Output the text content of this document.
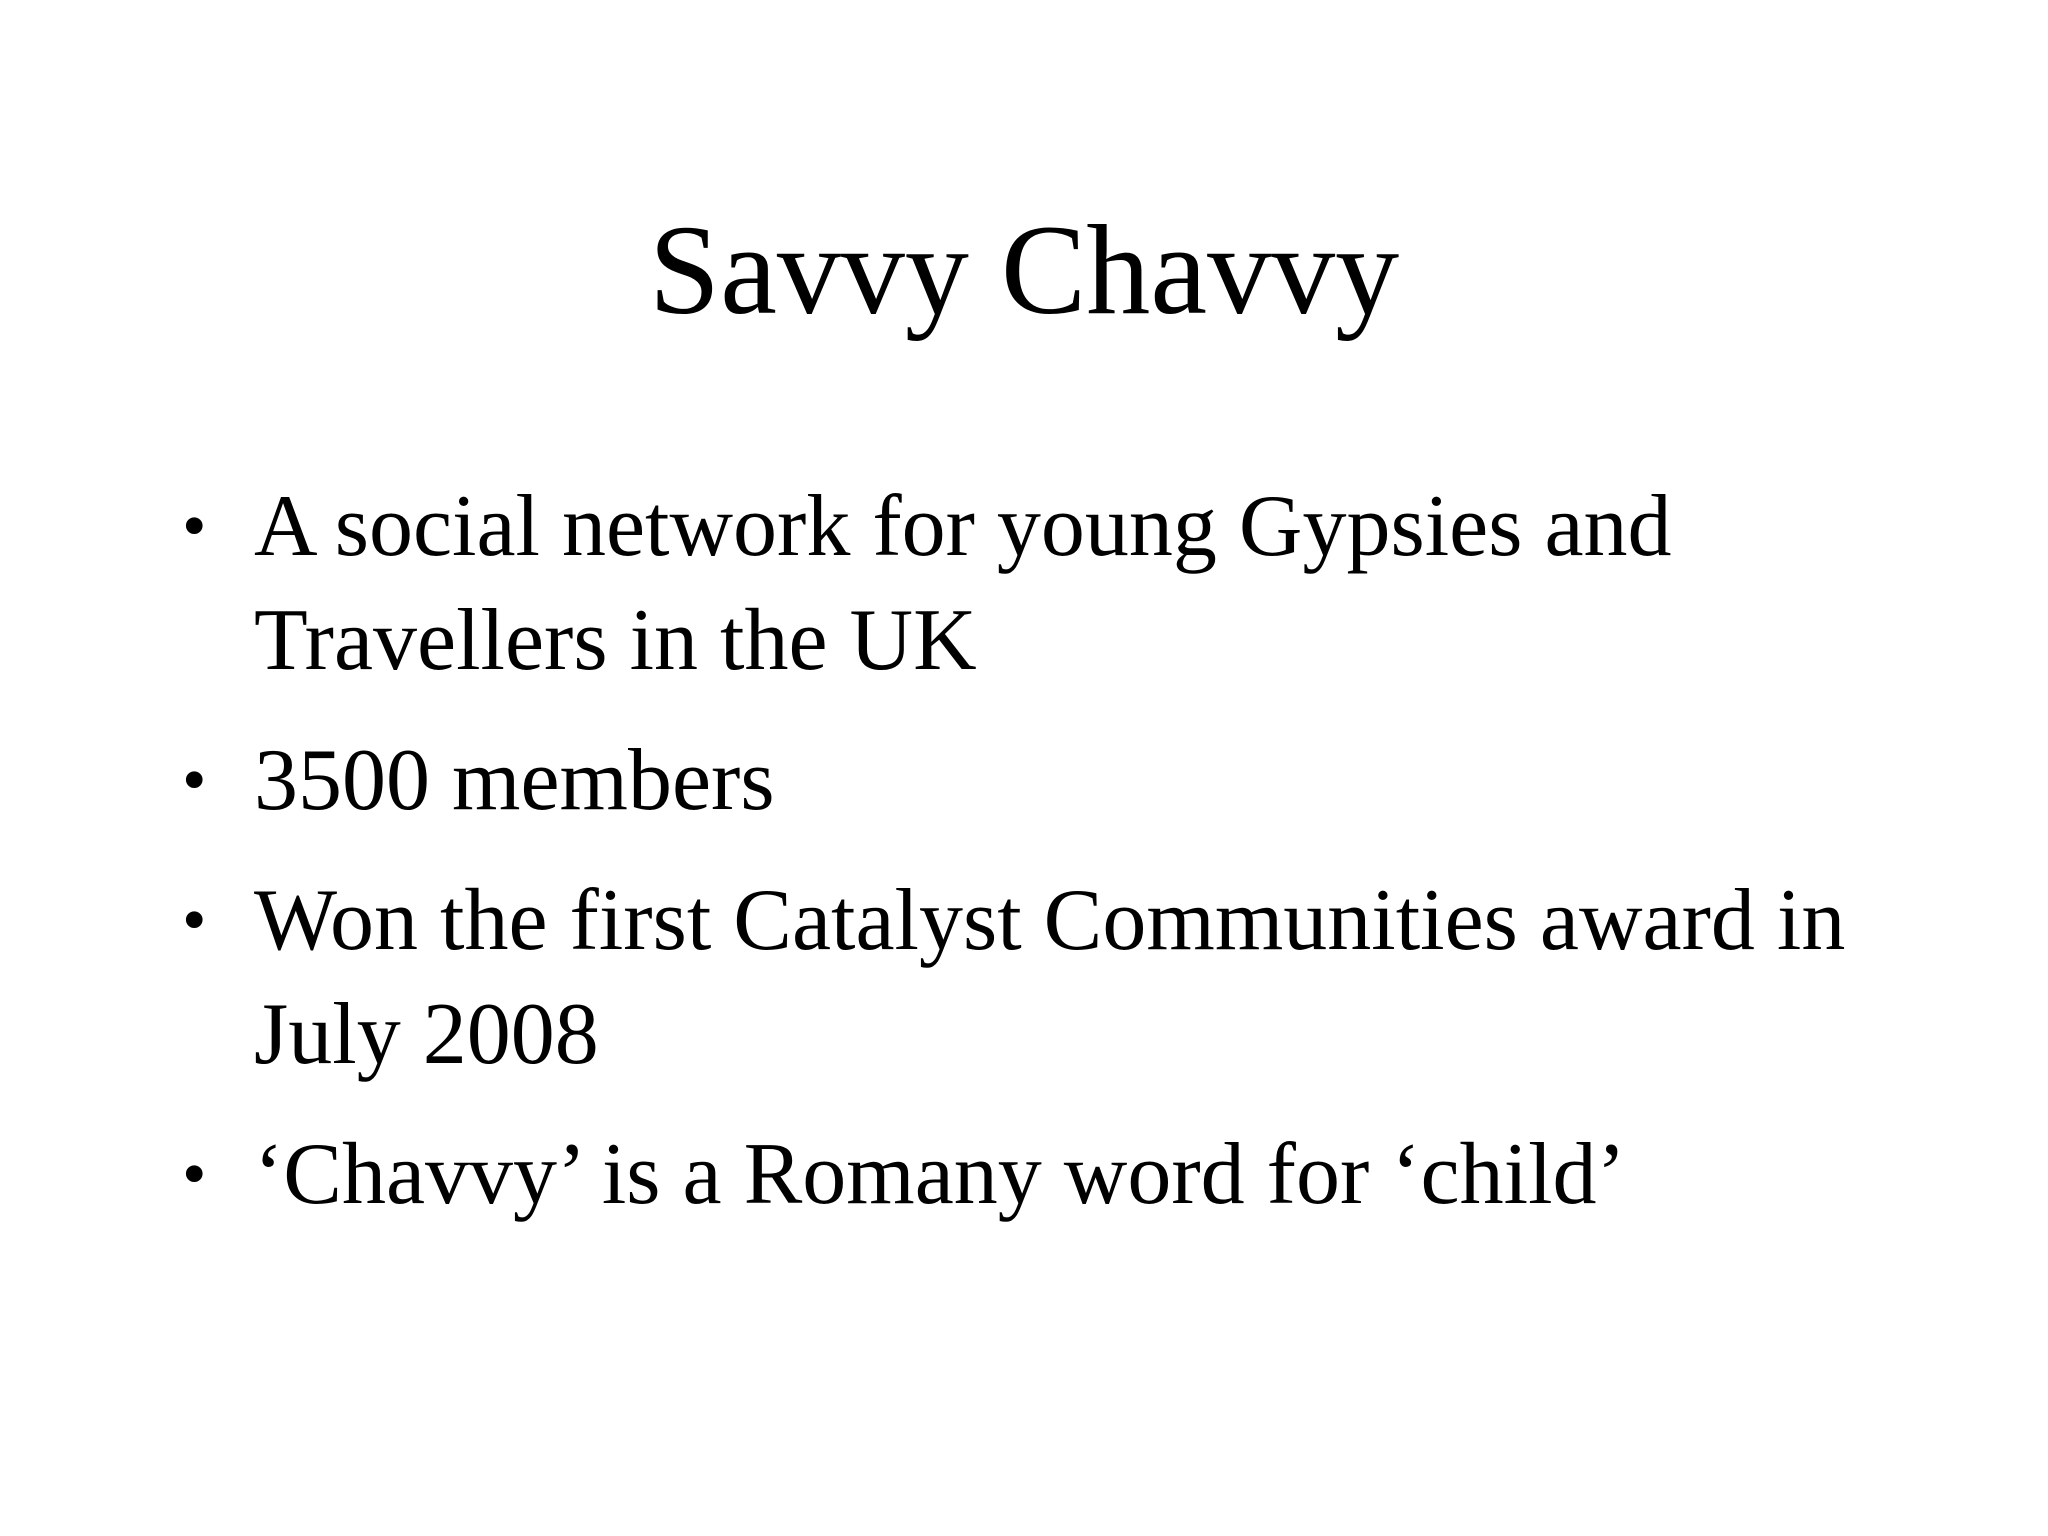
Savvy Chavvy
• A social network for young Gypsies and Travellers in the UK
• 3500 members
• Won the first Catalyst Communities award in July 2008
• ‘Chavvy’ is a Romany word for ‘child’
